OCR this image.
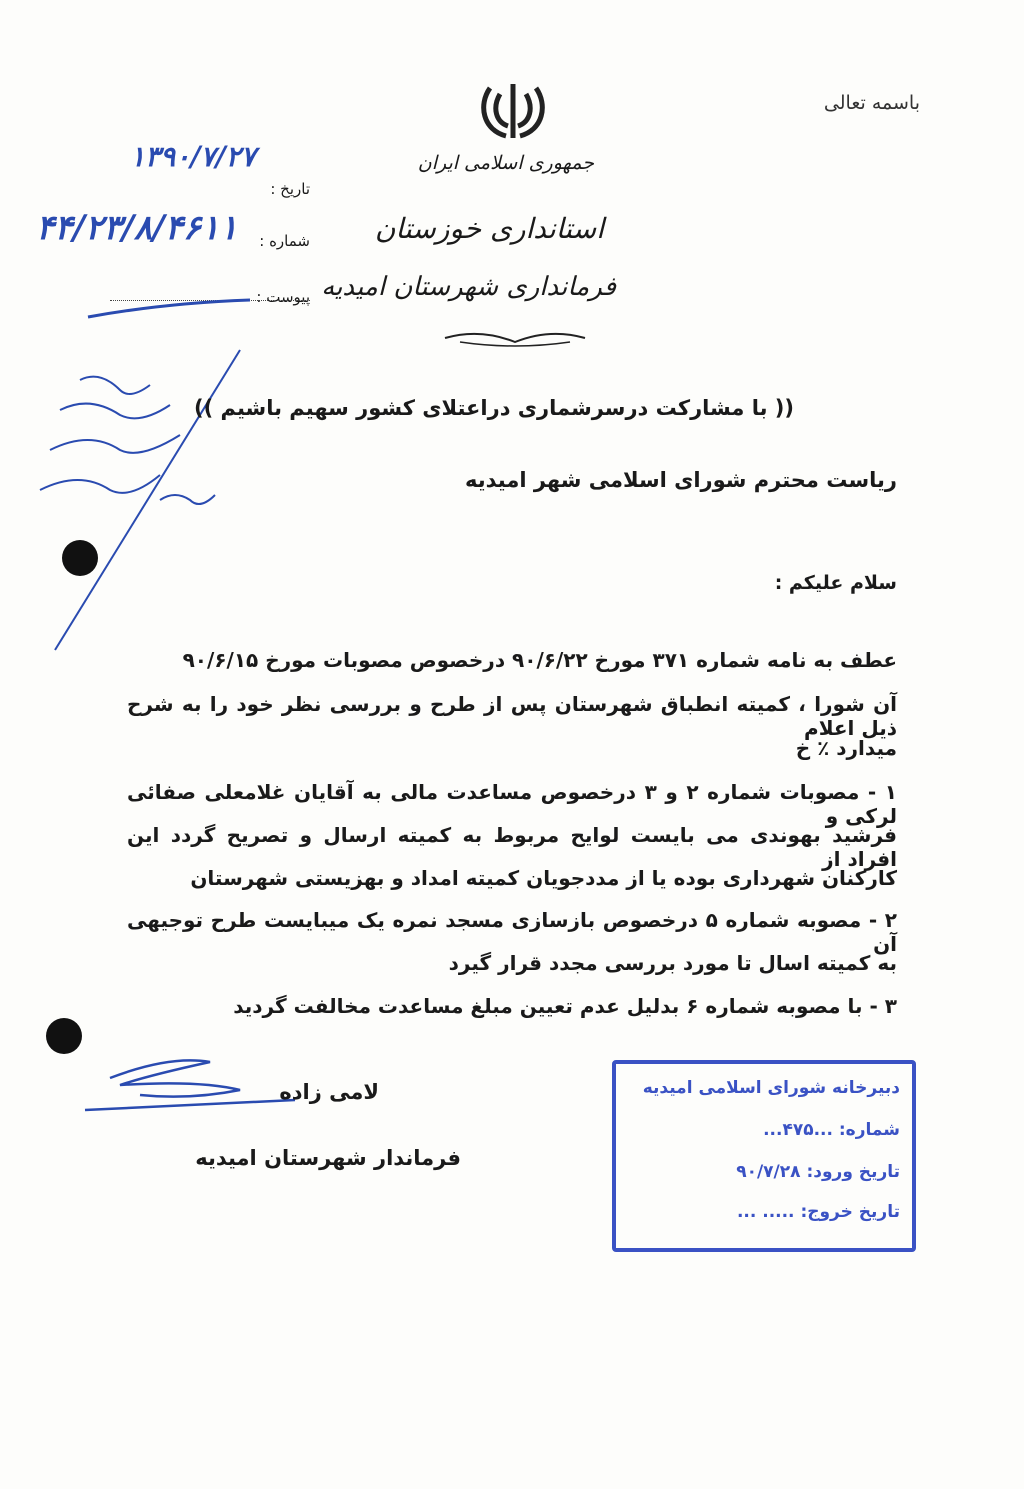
باسمه تعالی
جمهوری اسلامی ایران
استانداری خوزستان
فرمانداری شهرستان امیدیه
تاریخ :
۱۳۹۰/۷/۲۷
شماره :
۴۴/۲۳/۸/۴۶۱۱
پیوست :
(( با مشارکت درسرشماری دراعتلای کشور سهیم باشیم ))
ریاست محترم شورای اسلامی شهر امیدیه
سلام علیکم :
عطف به نامه شماره ۳۷۱ مورخ ۹۰/۶/۲۲ درخصوص مصوبات مورخ ۹۰/۶/۱۵
آن شورا ، کمیته انطباق شهرستان پس از طرح و بررسی نظر خود را به شرح ذیل اعلام
میدارد ٪ خ
۱ - مصوبات شماره ۲ و ۳ درخصوص مساعدت مالی به آقایان غلامعلی صفائی لرکی و
فرشید بهوندی می بایست لوایح مربوط به کمیته ارسال و تصریح گردد این افراد از
کارکنان شهرداری بوده یا از مددجویان کمیته امداد و بهزیستی شهرستان
۲ - مصوبه شماره ۵ درخصوص بازسازی مسجد نمره یک میبایست طرح توجیهی آن
به کمیته اسال تا مورد بررسی مجدد قرار گیرد
۳ - با مصوبه شماره ۶ بدلیل عدم تعیین مبلغ مساعدت مخالفت گردید
لامی زاده
فرماندار شهرستان امیدیه
دبیرخانه شورای اسلامی امیدیه
شماره: ...۴۷۵...
تاریخ ورود: ۹۰/۷/۲۸
تاریخ خروج: ..... ...
